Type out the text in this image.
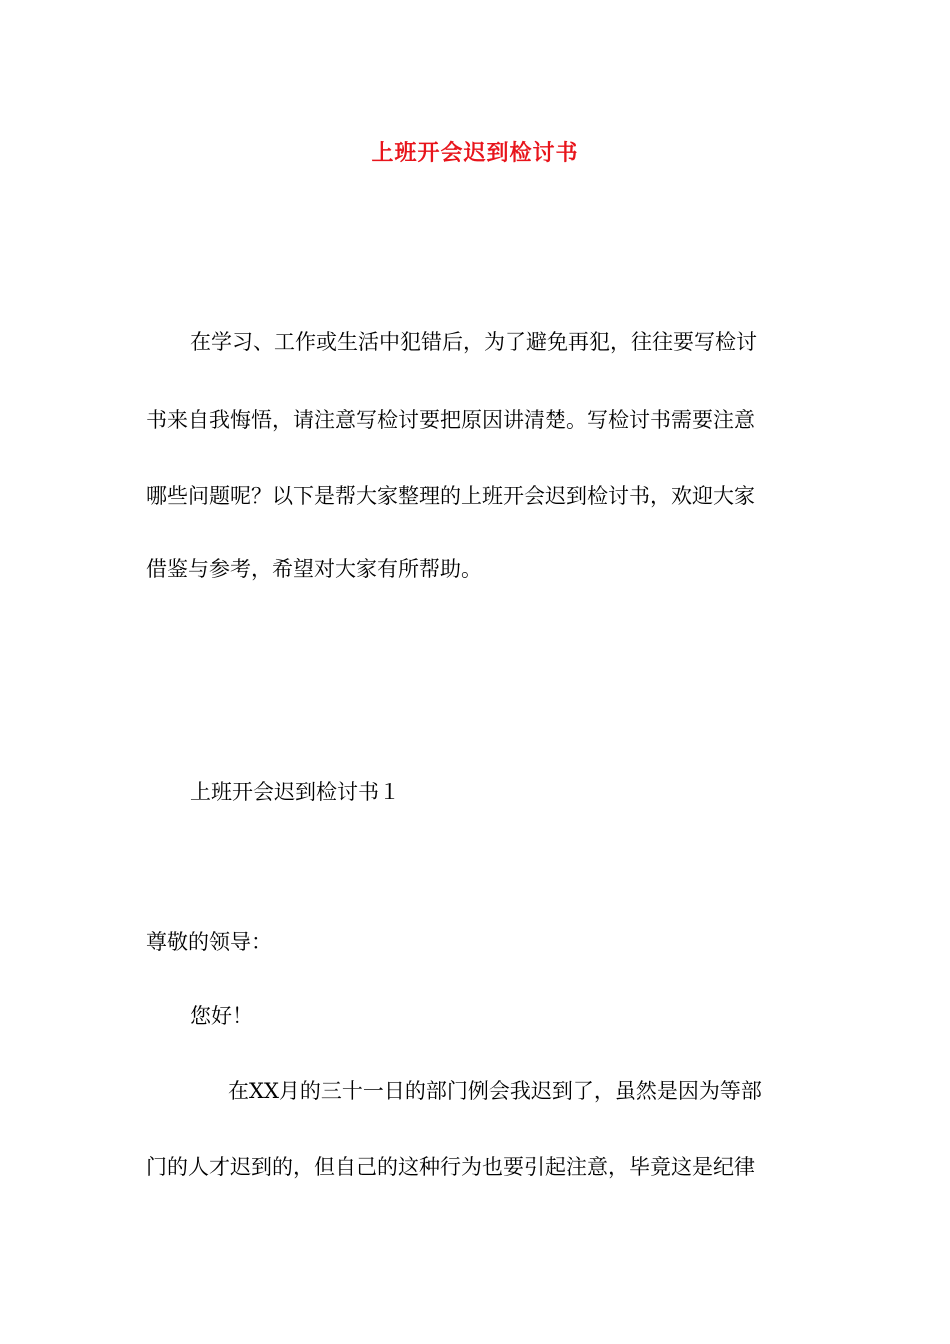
上班开会迟到检讨书
在学习、工作或生活中犯错后，为了避免再犯，往往要写检讨
书来自我悔悟，请注意写检讨要把原因讲清楚。写检讨书需要注意
哪些问题呢？以下是帮大家整理的上班开会迟到检讨书，欢迎大家
借鉴与参考，希望对大家有所帮助。
上班开会迟到检讨书１
尊敬的领导：
您好！
在XX月的三十一日的部门例会我迟到了，虽然是因为等部
门的人才迟到的，但自己的这种行为也要引起注意，毕竟这是纪律
